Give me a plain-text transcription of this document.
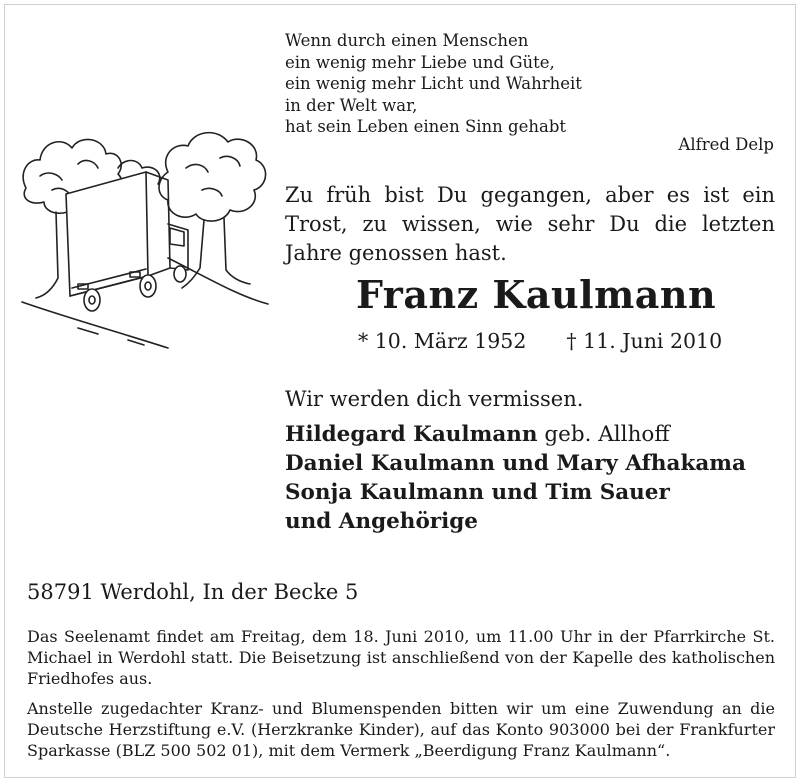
Wenn durch einen Menschen
ein wenig mehr Liebe und Güte,
ein wenig mehr Licht und Wahrheit
in der Welt war,
hat sein Leben einen Sinn gehabt
Alfred Delp
Zu früh bist Du gegangen, aber es ist ein Trost, zu wissen, wie sehr Du die letzten Jahre genossen hast.
Franz Kaulmann
* 10. März 1952 † 11. Juni 2010
Wir werden dich vermissen.
Hildegard Kaulmann geb. Allhoff
Daniel Kaulmann und Mary Afhakama
Sonja Kaulmann und Tim Sauer
und Angehörige
58791 Werdohl, In der Becke 5
Das Seelenamt findet am Freitag, dem 18. Juni 2010, um 11.00 Uhr in der Pfarrkirche St. Michael in Werdohl statt. Die Beisetzung ist anschließend von der Kapelle des katholischen Friedhofes aus.
Anstelle zugedachter Kranz- und Blumenspenden bitten wir um eine Zuwendung an die Deutsche Herzstiftung e.V. (Herzkranke Kinder), auf das Konto 903000 bei der Frankfurter Sparkasse (BLZ 500 502 01), mit dem Vermerk „Beerdigung Franz Kaulmann“.
